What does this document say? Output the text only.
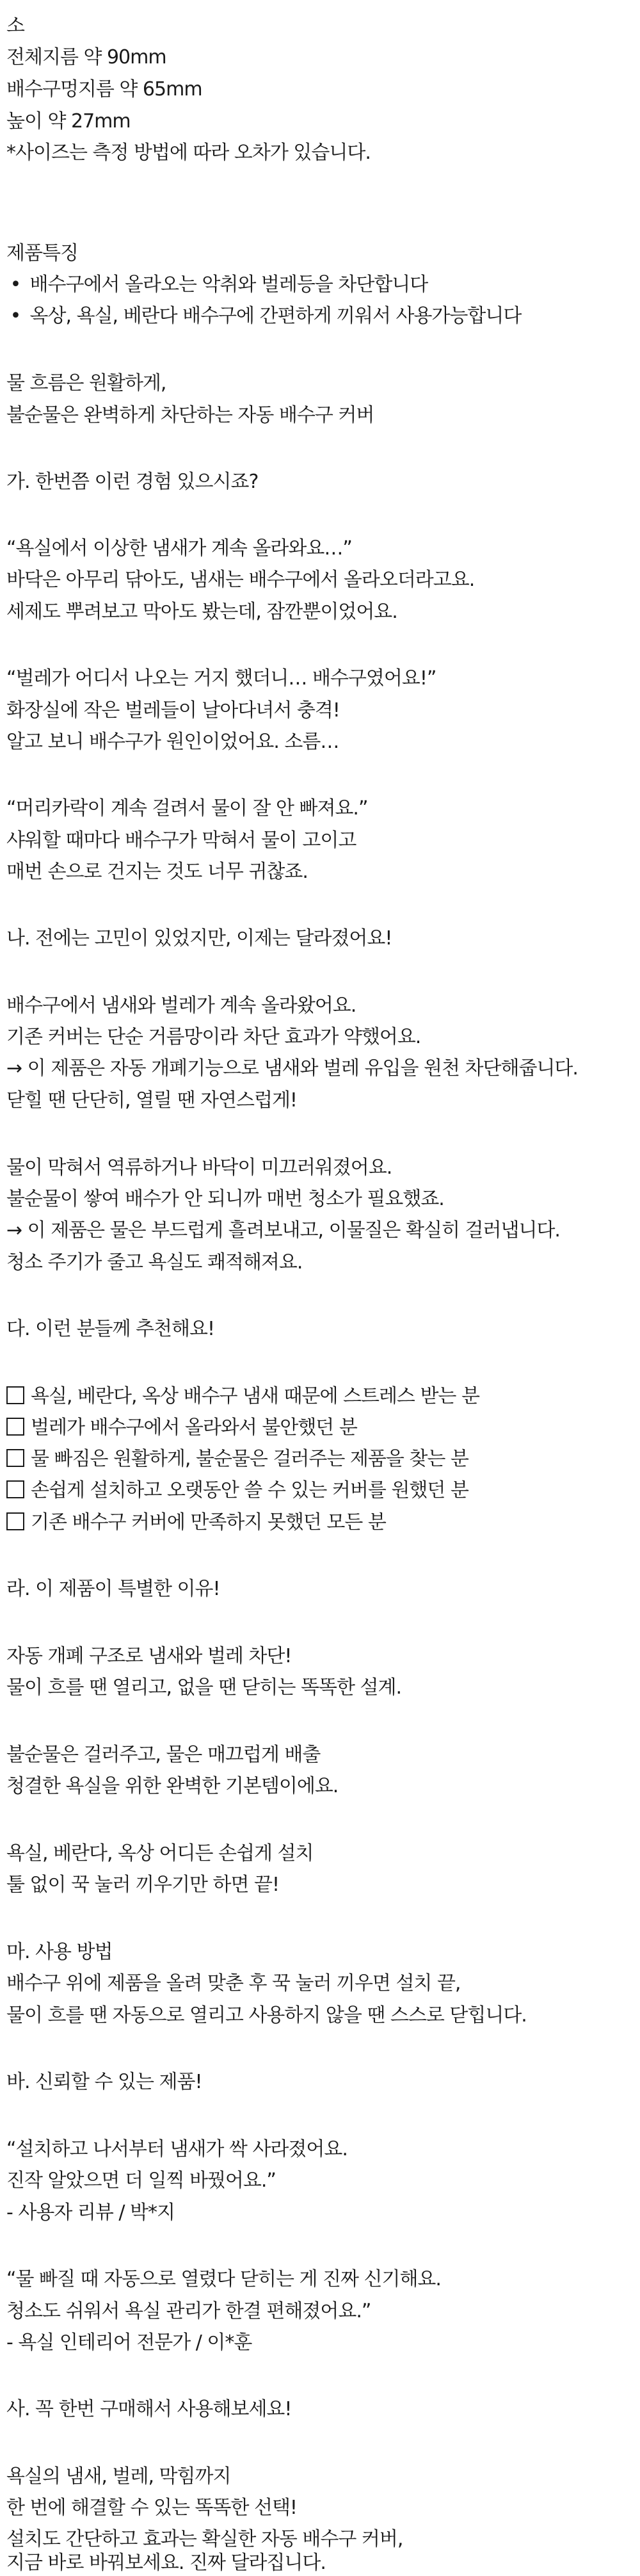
소
전체지름 약 90mm
배수구멍지름 약 65mm
높이 약 27mm
*사이즈는 측정 방법에 따라 오차가 있습니다.
제품특징
• 배수구에서 올라오는 악취와 벌레등을 차단합니다
• 옥상, 욕실, 베란다 배수구에 간편하게 끼워서 사용가능합니다
물 흐름은 원활하게,
불순물은 완벽하게 차단하는 자동 배수구 커버
가. 한번쯤 이런 경험 있으시죠?
“욕실에서 이상한 냄새가 계속 올라와요…”
바닥은 아무리 닦아도, 냄새는 배수구에서 올라오더라고요.
세제도 뿌려보고 막아도 봤는데, 잠깐뿐이었어요.
“벌레가 어디서 나오는 거지 했더니… 배수구였어요!”
화장실에 작은 벌레들이 날아다녀서 충격!
알고 보니 배수구가 원인이었어요. 소름…
“머리카락이 계속 걸려서 물이 잘 안 빠져요.”
샤워할 때마다 배수구가 막혀서 물이 고이고
매번 손으로 건지는 것도 너무 귀찮죠.
나. 전에는 고민이 있었지만, 이제는 달라졌어요!
배수구에서 냄새와 벌레가 계속 올라왔어요.
기존 커버는 단순 거름망이라 차단 효과가 약했어요.
→ 이 제품은 자동 개폐기능으로 냄새와 벌레 유입을 원천 차단해줍니다.
닫힐 땐 단단히, 열릴 땐 자연스럽게!
물이 막혀서 역류하거나 바닥이 미끄러워졌어요.
불순물이 쌓여 배수가 안 되니까 매번 청소가 필요했죠.
→ 이 제품은 물은 부드럽게 흘려보내고, 이물질은 확실히 걸러냅니다.
청소 주기가 줄고 욕실도 쾌적해져요.
다. 이런 분들께 추천해요!
욕실, 베란다, 옥상 배수구 냄새 때문에 스트레스 받는 분
벌레가 배수구에서 올라와서 불안했던 분
물 빠짐은 원활하게, 불순물은 걸러주는 제품을 찾는 분
손쉽게 설치하고 오랫동안 쓸 수 있는 커버를 원했던 분
기존 배수구 커버에 만족하지 못했던 모든 분
라. 이 제품이 특별한 이유!
자동 개폐 구조로 냄새와 벌레 차단!
물이 흐를 땐 열리고, 없을 땐 닫히는 똑똑한 설계.
불순물은 걸러주고, 물은 매끄럽게 배출
청결한 욕실을 위한 완벽한 기본템이에요.
욕실, 베란다, 옥상 어디든 손쉽게 설치
툴 없이 꾹 눌러 끼우기만 하면 끝!
마. 사용 방법
배수구 위에 제품을 올려 맞춘 후 꾹 눌러 끼우면 설치 끝,
물이 흐를 땐 자동으로 열리고 사용하지 않을 땐 스스로 닫힙니다.
바. 신뢰할 수 있는 제품!
“설치하고 나서부터 냄새가 싹 사라졌어요.
진작 알았으면 더 일찍 바꿨어요.”
- 사용자 리뷰 / 박*지
“물 빠질 때 자동으로 열렸다 닫히는 게 진짜 신기해요.
청소도 쉬워서 욕실 관리가 한결 편해졌어요.”
- 욕실 인테리어 전문가 / 이*훈
사. 꼭 한번 구매해서 사용해보세요!
욕실의 냄새, 벌레, 막힘까지
한 번에 해결할 수 있는 똑똑한 선택!
설치도 간단하고 효과는 확실한 자동 배수구 커버,
지금 바로 바꿔보세요. 진짜 달라집니다.
